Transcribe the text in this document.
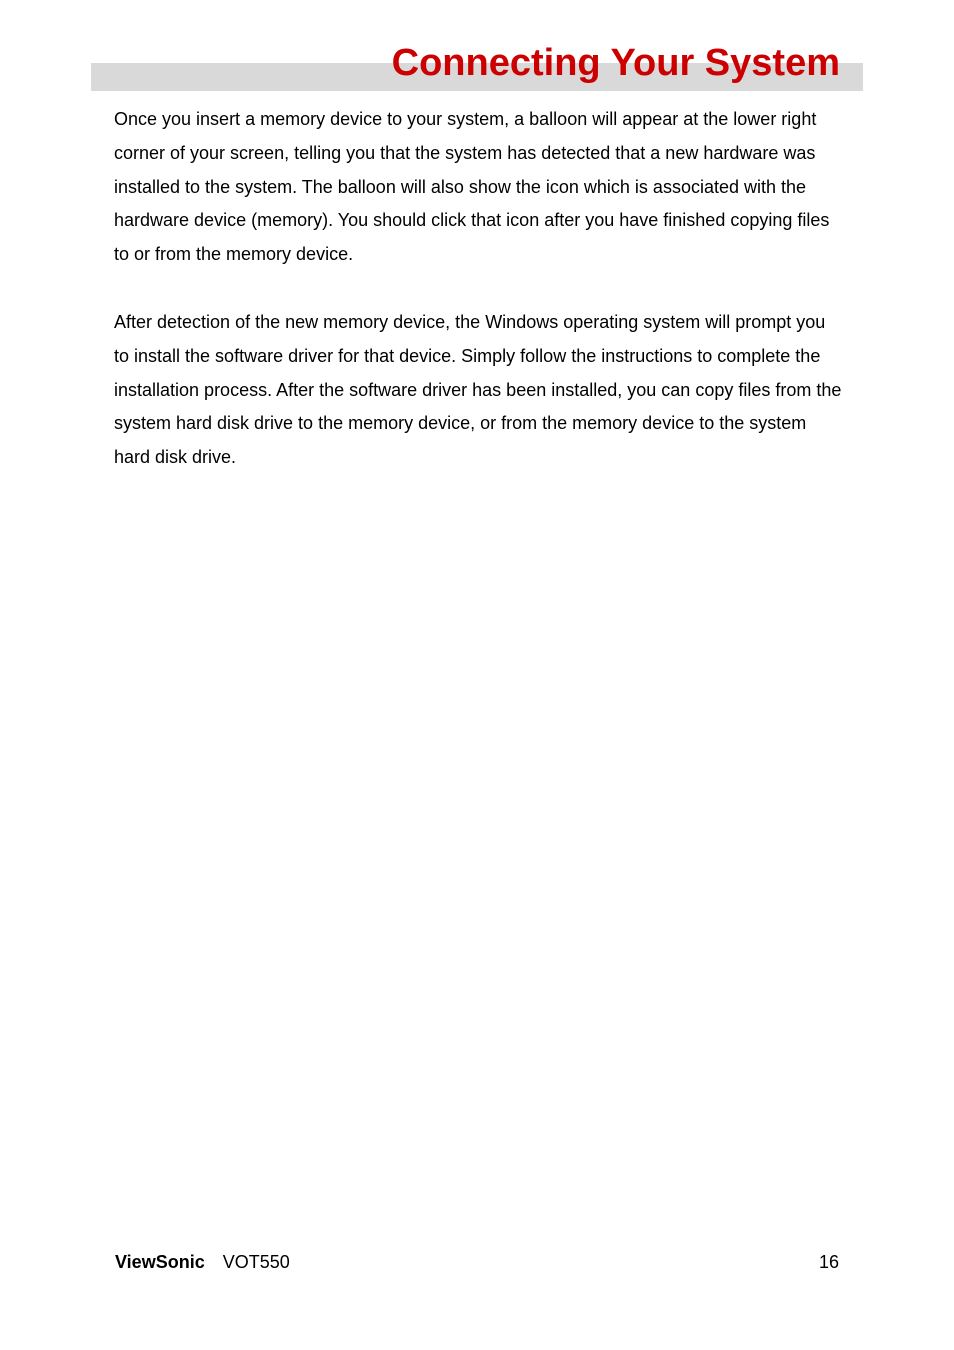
Connecting Your System

Once you insert a memory device to your system, a balloon will appear at the lower right corner of your screen, telling you that the system has detected that a new hardware was installed to the system. The balloon will also show the icon which is associated with the hardware device (memory). You should click that icon after you have finished copying files to or from the memory device.

After detection of the new memory device, the Windows operating system will prompt you to install the software driver for that device. Simply follow the instructions to complete the installation process. After the software driver has been installed, you can copy files from the system hard disk drive to the memory device, or from the memory device to the system hard disk drive.

ViewSonic VOT550	16
